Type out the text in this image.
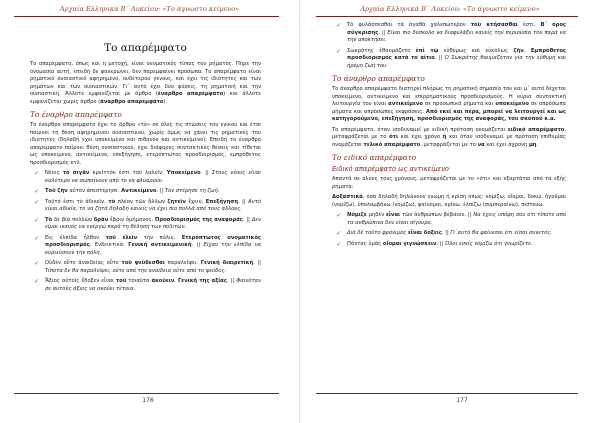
Αρχαία Ελληνικά Β΄ Λυκείου: «Το άγνωστο κείμενο»
Το απαρέμφατο

Το απαρέμφατο, όπως και η μετοχή, είναι ονοματικός τύπος του ρήματος. Πήρε την ονομασία αυτή, επειδή δε φανερώνει, δεν παρεμφαίνει πρόσωπα. Το απαρέμφατο είναι ρηματικό ουσιαστικό αφηρημένο, ουδέτερου γένους, και έχει τις ιδιότητες και των ρημάτων και των ουσιαστικών. Γι΄ αυτό έχει δύο φύσεις, τη ρηματική και την ουσιαστική. Άλλοτε εμφανίζεται με άρθρο (έναρθρο απαρέμφατο) και άλλοτε εμφανίζεται χωρίς άρθρο (άναρθρο απαρέμφατο).

Το έναρθρο απαρέμφατο

Το έναρθρο απαρέμφατο έχει το άρθρο «τό» σε όλες τις πτώσεις του ενικού και έτσι παίρνει τη θέση αφηρημένου ουσιαστικού, χωρίς όμως να χάνει τις ρηματικές του ιδιότητες (δηλαδή έχει υποκείμενο και πιθανόν και αντικείμενο). Επειδή το έναρθρο απαρέμφατο παίρνει θέση ουσιαστικού, έχει διάφορες συντακτικές θέσεις και τίθεται ως υποκείμενο, αντικείμενο, επεξήγηση, ετερόπτωτος προσδιορισμός, εμπρόθετος προσδιορισμός κτλ.

✓ Νέοις τὸ σιγᾶν κρεῖττόν ἐστι τοῦ λαλεῖν. Υποκείμενο. || Στους νέους είναι καλύτερο να σωπαίνουν από το να φλυαρούν.
✓ Τοῦ ζῆν αὐτὸν ἀπεστέρησε. Αντικείμενο. || Τον στέρησε τη ζωή.
✓ Τοῦτό ἐστι τὸ ἀδικεῖν, τὸ πλέον τῶν ἄλλων ζητεῖν ἔχειν. Επεξήγηση. || Αυτό είναι αδικία, το να ζητά δηλαδή κανείς να έχει πιο πολλά από τους άλλους.
✓ Τὸ δὲ βίᾳ πολλῶν δρᾶν ἔβριν ὁμήμανος. Προσδιορισμός της αναφοράς. || Δεν είμαι ικανός να ενεργώ παρά τη θέληση των πολιτών.
✓ Εἰς ἐλπίδα ἦλθον τοῦ ἑλεῖν τὴν πόλιν. Ετερόπτωτος ονοματικός προσδιορισμός. Ενδεικτικά: Γενική αντικειμενική. || Είχαν την ελπίδα να κυριεύσουν την πόλη.
✓ Οὐδὲν οὕτε ἀναιδείας οὔτε τοῦ ψεύδεσθαι παραλείψει. Γενική διαιρετική. || Τίποτα δε θα παραλείψει, ούτε από την αναίδεια ούτε από το ψεύδος.
✓ Ἄξιος αὐτοῖς ἔδοξεν εἶναι τοῦ τοιαῦτα ἀκούειν. Γενική της αξίας. || Φαινόταν σε αυτούς άξιος να ακούει τέτοια.
176
Αρχαία Ελληνικά Β΄ Λυκείου: «Το άγνωστο κείμενο»
✓ Τὸ φυλάσσεσθαι τὰ ἀγαθὰ χαλεπώτερον τοῦ κτήσασθαι ἐστι. Β΄ όρος σύγκρισης. || Είναι πιο δύσκολο να διαφυλάξει κανείς την περιουσία του παρά να την αποκτήσει.
✓ Σωκράτης ἐθαυμάζετο ἐπὶ τῷ εὐθύμως καὶ εὐκόλως ζῆν. Εμπρόθετος προσδιορισμός κατά το αίτιο. || Ο Σωκράτης θαυμαζόταν για την εύθυμη και ήρεμη ζωή του.
Το άναρθρο απαρέμφατο

Το άναρθρο απαρέμφατο διατηρεί πλήρως τη ρηματική σημασία του και μ΄ αυτό δέχεται υποκείμενο, αντικείμενο και επιρρηματικούς προσδιορισμούς. Η κύρια συντακτική λειτουργία του είναι αντικείμενο σε προσωπικά ρήματα και υποκείμενο σε απρόσωπα ρήματα και απρόσωπες εκφράσεις. Από εκεί και πέρα, μπορεί να λειτουργεί και ως κατηγορούμενο, επεξήγηση, προσδιορισμός της αναφοράς, του σκοπού κ.α.

Το απαρέμφατο, όταν ισοδυναμεί με ειδική πρόταση ονομάζεται ειδικό απαρέμφατο, μεταφράζεται με το ότι και έχει χρόνο ή και όταν ισοδυναμεί με πρόταση επιθυμίας ονομάζεται τελικό απαρέμφατο, μεταφράζεται με το να και έχει άχρονη μη.

Το ειδικό απαρέμφατο
Ειδικό απαρέμφατο ως αντικείμενο

Απαντά σε όλους τους χρόνους, μεταφράζεται με το «ότι» και εξαρτάται από τα εξής ρήματα:

Δοξαστικά, όσα δηλαδή δηλώνουν γνώμη ή κρίση όπως: νομίζω, οἴομαι, δοκῶ, ἡγοῦμαι (νομίζω), ὑπολαμβάνω (νομίζω), φαίνομαι, κρίνω, ἐλπίζω (συμπεραίνω), πιστεύω.

✓ Νόμιζε μηδὲν εἶναι τῶν ἀνθρώπων βέβαιον. || Να έχεις υπόψη σου ότι τίποτε από τα ανθρώπινα δεν είναι σίγουρο.
✓ Διὰ δὲ τοῦτο φρόνιμος εἶναι δόξεις. || Γι΄αυτό θα φαίνεσαι ότι είσαι συνετός.
✓ Πάντας ὑμᾶς οἴομαι γιγνώσκειν. || Όλοι εσείς νομίζω ότι γνωρίζετε.
177
